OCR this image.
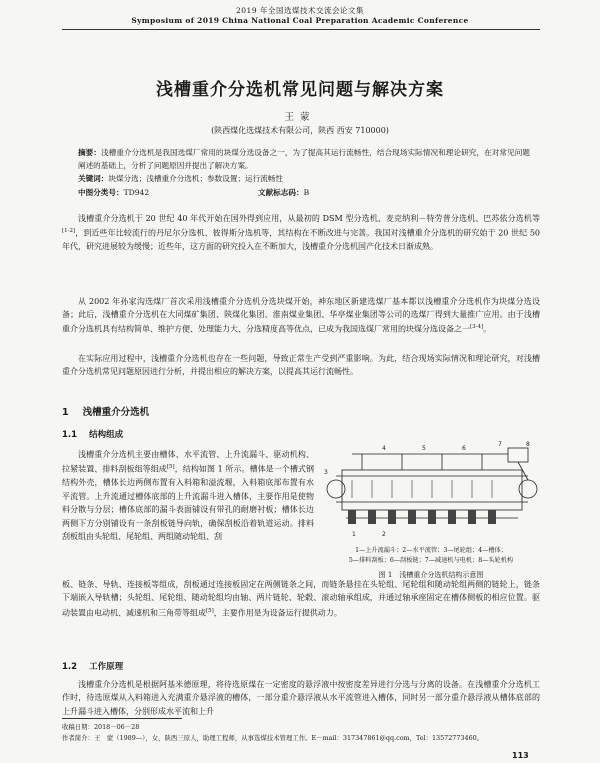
2019 年全国选煤技术交流会论文集
Symposium of 2019 China National Coal Preparation Academic Conference
浅槽重介分选机常见问题与解决方案
王蒙
(陕西煤化选煤技术有限公司，陕西 西安 710000)
摘要：浅槽重介分选机是我国选煤厂常用的块煤分选设备之一，为了提高其运行流畅性，结合现场实际情况和理论研究，在对常见问题阐述的基础上，分析了问题原因并提出了解决方案。
关键词：块煤分选；浅槽重介分选机；参数设置；运行流畅性
中图分类号：TD942	文献标志码：B
浅槽重介分选机于 20 世纪 40 年代开始在国外得到应用，从最初的 DSM 型分选机、麦克纳利－特劳普分选机、巴苏依分选机等[1-2]，到近些年比较流行的丹尼尔分选机、彼得斯分选机等，其结构在不断改进与完善。我国对浅槽重介分选机的研究始于 20 世纪 50 年代，研究进展较为缓慢；近些年，这方面的研究投入在不断加大，浅槽重介分选机国产化技术日渐成熟。
从 2002 年孙家沟选煤厂首次采用浅槽重介分选机分选块煤开始，神东地区新建选煤厂基本都以浅槽重介分选机作为块煤分选设备；此后，浅槽重介分选机在大同煤矿集团、陕煤化集团、淮南煤业集团、华亭煤业集团等公司的选煤厂得到大量推广应用。由于浅槽重介分选机具有结构简单、维护方便、处理能力大、分选精度高等优点，已成为我国选煤厂常用的块煤分选设备之一[3-4]。
在实际应用过程中，浅槽重介分选机也存在一些问题，导致正常生产受到严重影响。为此，结合现场实际情况和理论研究，对浅槽重介分选机常见问题原因进行分析，并提出相应的解决方案，以提高其运行流畅性。
1 浅槽重介分选机
1.1 结构组成
浅槽重介分选机主要由槽体、水平流管、上升流漏斗、驱动机构、拉紧装置、排料刮板组等组成[5]，结构如图 1 所示。槽体是一个槽式钢结构外壳，槽体长边两侧布置有入料箱和溢流堰，入料箱底部布置有水平流管。上升流通过槽体底部的上升流漏斗进入槽体，主要作用是使物料分散与分层；槽体底部的漏斗表面铺设有带孔的耐磨衬板；槽体长边两侧下方分别铺设有一条刮板链导向轨，确保刮板沿着轨道运动。排料刮板组由头轮组、尾轮组、两组随动轮组、刮
板、链条、导轨、连接板等组成，刮板通过连接板固定在两侧链条之间，而链条悬挂在头轮组、尾轮组和随动轮组两侧的链轮上，链条下端嵌入导轨槽；头轮组、尾轮组、随动轮组均由轴、两片链轮、轮毂、滚动轴承组成，并通过轴承座固定在槽体侧板的相应位置。驱动装置由电动机、减速机和三角带等组成[5]，主要作用是为设备运行提供动力。
8
7
6
5
4
3
2
1
1—上升流漏斗；2—水平流管；3—尾轮组；4—槽体；
5—排料刮板；6—刮板链；7—减速机与电机；8—头轮机构
图 1　浅槽重介分选机结构示意图
1.2 工作原理
浅槽重介分选机是根据阿基米德原理，将待选原煤在一定密度的悬浮液中按密度差异进行分选与分离的设备。在浅槽重介分选机工作时，待选原煤从入料箱进入充满重介悬浮液的槽体，一部分重介悬浮液从水平流管进入槽体，同时另一部分重介悬浮液从槽体底部的上升漏斗进入槽体，分别形成水平流和上升
收稿日期：2018－06－28
作者简介：王　蒙（1989—），女，陕西三原人，助理工程师，从事选煤技术管理工作。E－mail：317347861@qq.com，Tel：13572773460。
113
